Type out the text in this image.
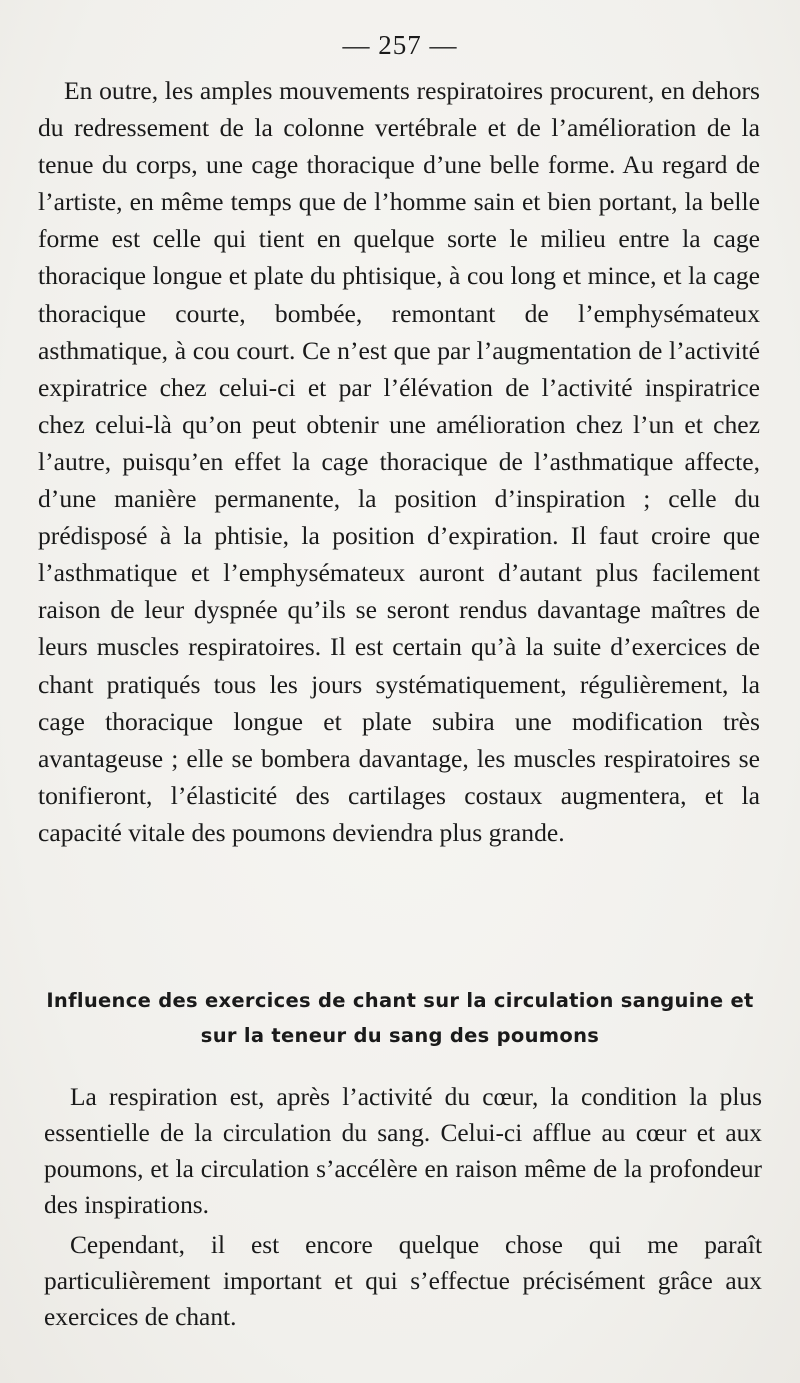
— 257 —

En outre, les amples mouvements respiratoires procurent, en dehors du redressement de la colonne vertébrale et de l’amélioration de la tenue du corps, une cage thoracique d’une belle forme. Au regard de l’artiste, en même temps que de l’homme sain et bien portant, la belle forme est celle qui tient en quelque sorte le milieu entre la cage thoracique longue et plate du phtisique, à cou long et mince, et la cage thoracique courte, bombée, remontant de l’emphysémateux asthmatique, à cou court. Ce n’est que par l’augmentation de l’activité expiratrice chez celui-ci et par l’élévation de l’activité inspiratrice chez celui-là qu’on peut obtenir une amélioration chez l’un et chez l’autre, puisqu’en effet la cage thoracique de l’asthmatique affecte, d’une manière permanente, la position d’inspiration ; celle du prédisposé à la phtisie, la position d’expiration. Il faut croire que l’asthmatique et l’emphysémateux auront d’autant plus facilement raison de leur dyspnée qu’ils se seront rendus davantage maîtres de leurs muscles respiratoires. Il est certain qu’à la suite d’exercices de chant pratiqués tous les jours systématiquement, régulièrement, la cage thoracique longue et plate subira une modification très avantageuse ; elle se bombera davantage, les muscles respiratoires se tonifieront, l’élasticité des cartilages costaux augmentera, et la capacité vitale des poumons deviendra plus grande.

Influence des exercices de chant sur la circulation sanguine et sur la teneur du sang des poumons

La respiration est, après l’activité du cœur, la condition la plus essentielle de la circulation du sang. Celui-ci afflue au cœur et aux poumons, et la circulation s’accélère en raison même de la profondeur des inspirations.

Cependant, il est encore quelque chose qui me paraît particulièrement important et qui s’effectue précisément grâce aux exercices de chant.
